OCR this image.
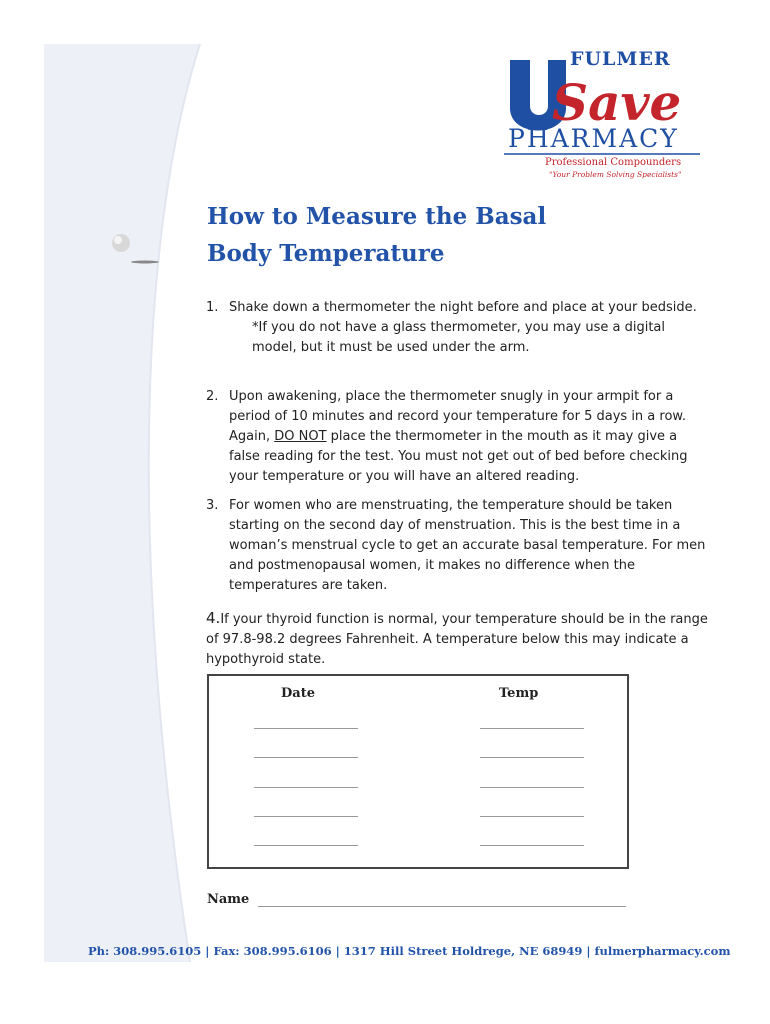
Save
FULMER
PHARMACY
Professional Compounders
"Your Problem Solving Specialists"
How to Measure the Basal
Body Temperature
1. Shake down a thermometer the night before and place at your bedside.
*If you do not have a glass thermometer, you may use a digital model, but it must be used under the arm.
2. Upon awakening, place the thermometer snugly in your armpit for a period of 10 minutes and record your temperature for 5 days in a row. Again, DO NOT place the thermometer in the mouth as it may give a false reading for the test. You must not get out of bed before checking your temperature or you will have an altered reading.
3. For women who are menstruating, the temperature should be taken starting on the second day of menstruation. This is the best time in a woman’s menstrual cycle to get an accurate basal temperature. For men and postmenopausal women, it makes no difference when the temperatures are taken.
4.If your thyroid function is normal, your temperature should be in the range of 97.8-98.2 degrees Fahrenheit. A temperature below this may indicate a hypothyroid state.
Date	Temp
Name
Ph: 308.995.6105 | Fax: 308.995.6106 | 1317 Hill Street Holdrege, NE 68949 | fulmerpharmacy.com
